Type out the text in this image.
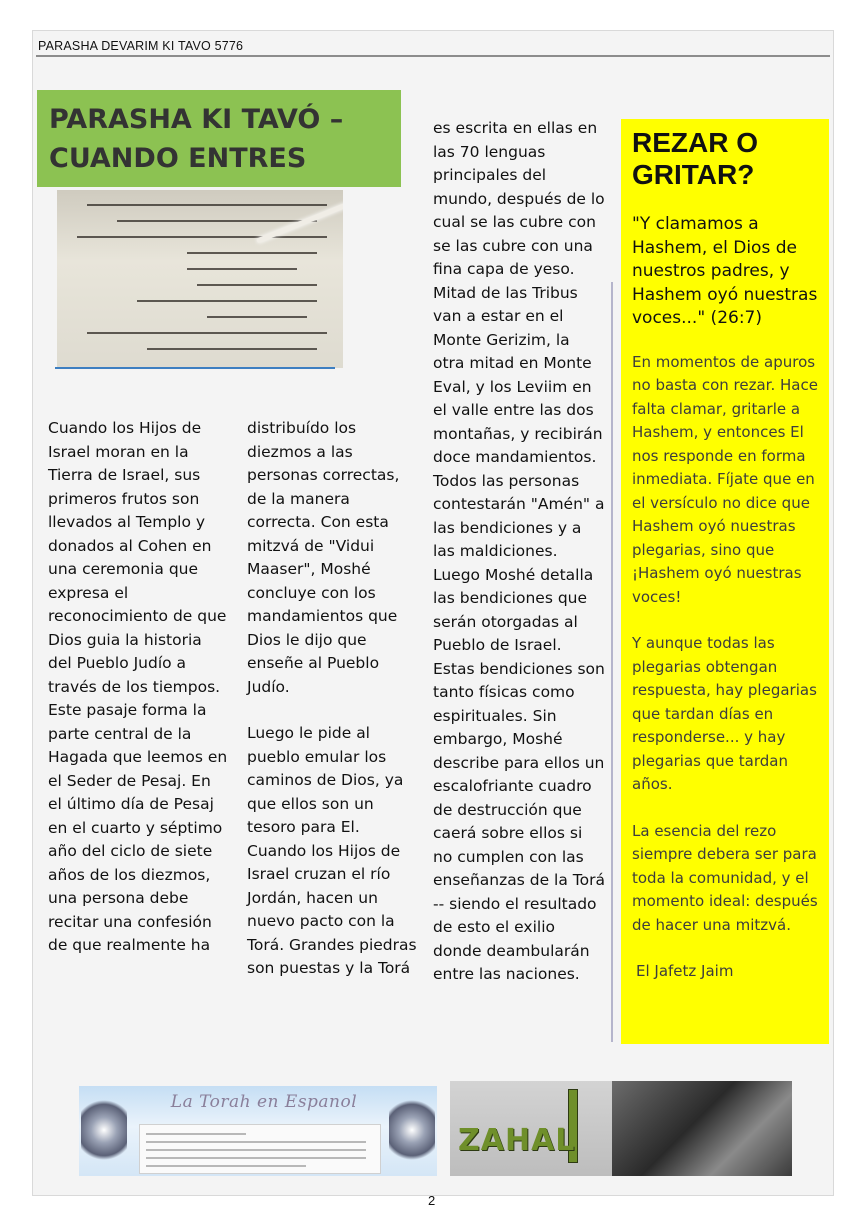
PARASHA DEVARIM KI TAVO 5776
PARASHA KI TAVÓ –
CUANDO ENTRES

Cuando los Hijos de Israel moran en la Tierra de Israel, sus primeros frutos son llevados al Templo y donados al Cohen en una ceremonia que expresa el reconocimiento de que Dios guia la historia del Pueblo Judío a través de los tiempos. Este pasaje forma la parte central de la Hagada que leemos en el Seder de Pesaj. En el último día de Pesaj en el cuarto y séptimo año del ciclo de siete años de los diezmos, una persona debe recitar una confesión de que realmente ha

distribuído los diezmos a las personas correctas, de la manera correcta. Con esta mitzvá de "Vidui Maaser", Moshé concluye con los mandamientos que Dios le dijo que enseñe al Pueblo Judío.

Luego le pide al pueblo emular los caminos de Dios, ya que ellos son un tesoro para El. Cuando los Hijos de Israel cruzan el río Jordán, hacen un nuevo pacto con la Torá. Grandes piedras son puestas y la Torá

es escrita en ellas en las 70 lenguas principales del mundo, después de lo cual se las cubre con se las cubre con una fina capa de yeso. Mitad de las Tribus van a estar en el Monte Gerizim, la otra mitad en Monte Eval, y los Leviim en el valle entre las dos montañas, y recibirán doce mandamientos. Todos las personas contestarán "Amén" a las bendiciones y a las maldiciones. Luego Moshé detalla las bendiciones que serán otorgadas al Pueblo de Israel. Estas bendiciones son tanto físicas como espirituales. Sin embargo, Moshé describe para ellos un escalofriante cuadro de destrucción que caerá sobre ellos si no cumplen con las enseñanzas de la Torá -- siendo el resultado de esto el exilio donde deambularán entre las naciones.

REZAR O GRITAR?

"Y clamamos a Hashem, el Dios de nuestros padres, y Hashem oyó nuestras voces..." (26:7)

En momentos de apuros no basta con rezar. Hace falta clamar, gritarle a Hashem, y entonces El nos responde en forma inmediata. Fíjate que en el versículo no dice que Hashem oyó nuestras plegarias, sino que ¡Hashem oyó nuestras voces!

Y aunque todas las plegarias obtengan respuesta, hay plegarias que tardan días en responderse... y hay plegarias que tardan años.

La esencia del rezo siempre debera ser para toda la comunidad, y el momento ideal: después de hacer una mitzvá.

El Jafetz Jaim

La Torah en Espanol
ZAHAL
2
